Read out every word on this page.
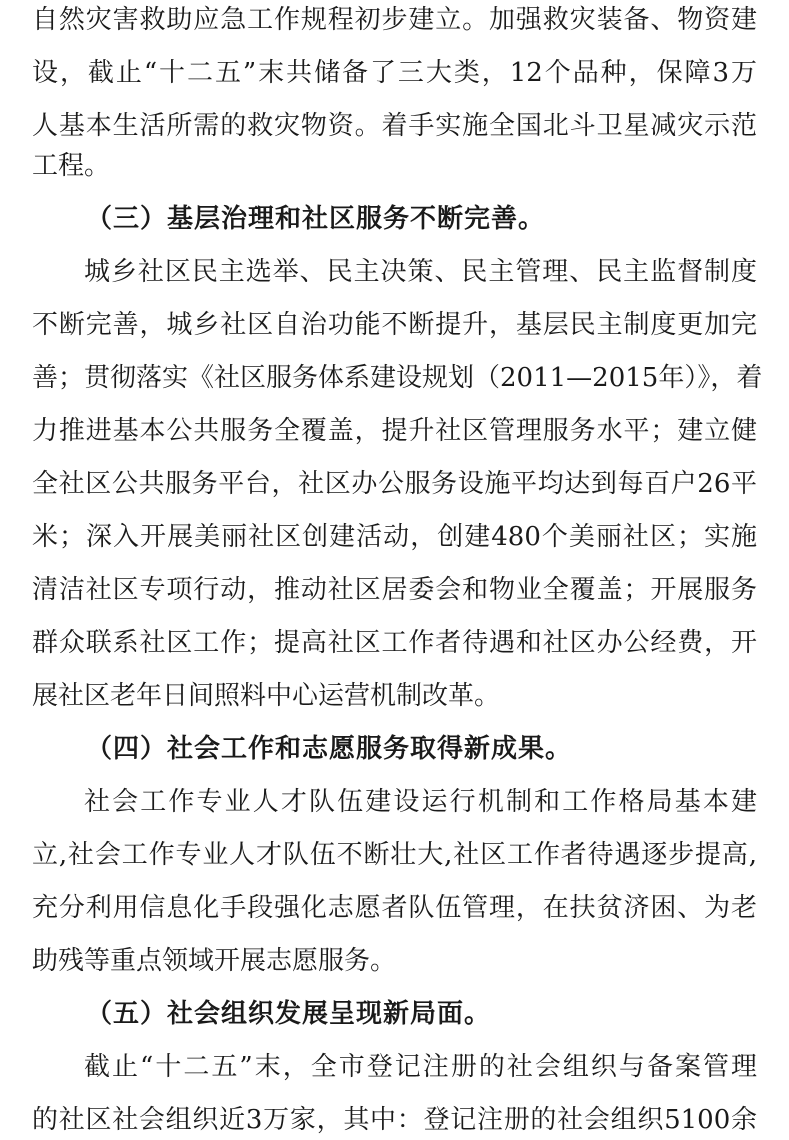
自然灾害救助应急工作规程初步建立。加强救灾装备、物资建
设，截止“十二五”末共储备了三大类，12个品种，保障3万
人基本生活所需的救灾物资。着手实施全国北斗卫星减灾示范
工程。
（三）基层治理和社区服务不断完善。
城乡社区民主选举、民主决策、民主管理、民主监督制度
不断完善，城乡社区自治功能不断提升，基层民主制度更加完
善；贯彻落实《社区服务体系建设规划（2011—2015年）》，着
力推进基本公共服务全覆盖，提升社区管理服务水平；建立健
全社区公共服务平台，社区办公服务设施平均达到每百户26平
米；深入开展美丽社区创建活动，创建480个美丽社区；实施
清洁社区专项行动，推动社区居委会和物业全覆盖；开展服务
群众联系社区工作；提高社区工作者待遇和社区办公经费，开
展社区老年日间照料中心运营机制改革。
（四）社会工作和志愿服务取得新成果。
社会工作专业人才队伍建设运行机制和工作格局基本建
立,社会工作专业人才队伍不断壮大,社区工作者待遇逐步提高,
充分利用信息化手段强化志愿者队伍管理，在扶贫济困、为老
助残等重点领域开展志愿服务。
（五）社会组织发展呈现新局面。
截止“十二五”末，全市登记注册的社会组织与备案管理
的社区社会组织近3万家，其中：登记注册的社会组织5100余
